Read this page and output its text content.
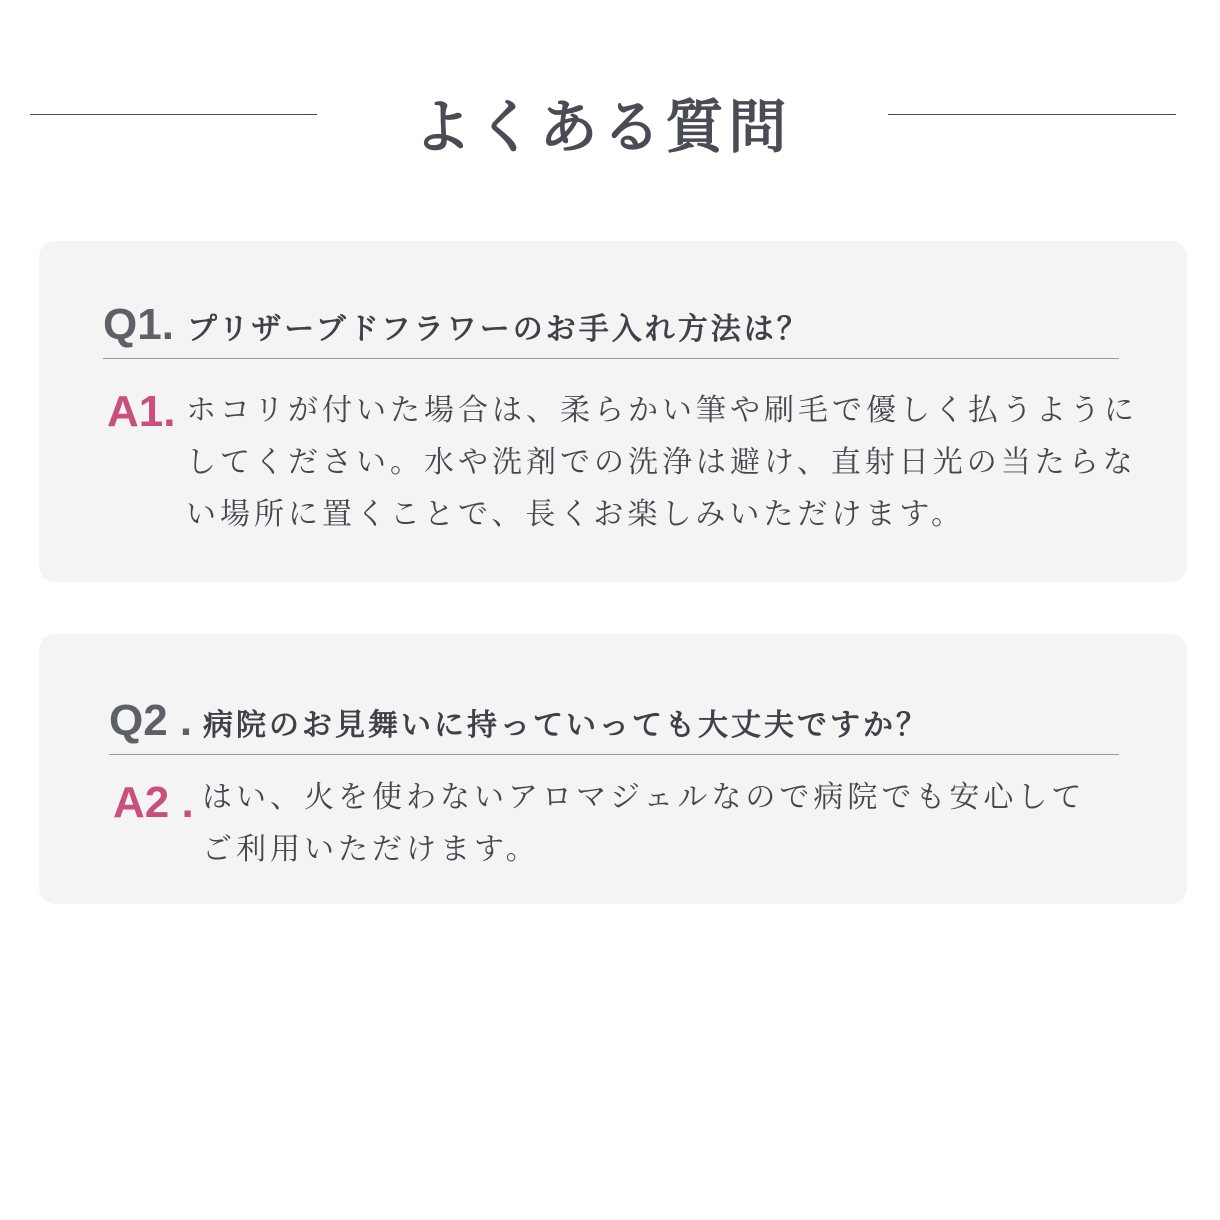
よくある質問
Q1. プリザーブドフラワーのお手入れ方法は？
A1. ホコリが付いた場合は、柔らかい筆や刷毛で優しく払うようにしてください。水や洗剤での洗浄は避け、直射日光の当たらない場所に置くことで、長くお楽しみいただけます。
Q2 . 病院のお見舞いに持っていっても大丈夫ですか？
A2 . はい、火を使わないアロマジェルなので病院でも安心してご利用いただけます。
